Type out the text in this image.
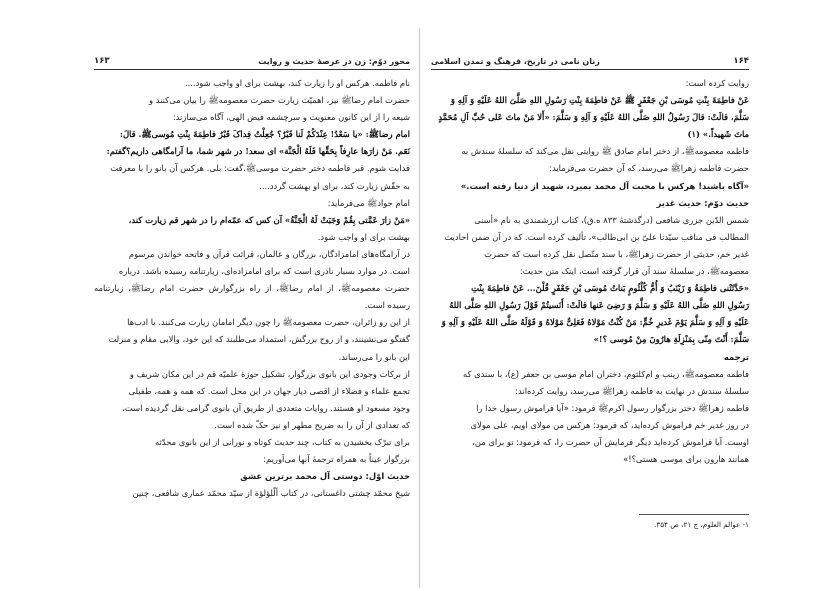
محور دوّم: زن در عرصهٔ حدیث و روایت
۱۶۳

نام فاطمه. هرکس او را زیارت کند، بهشت برای او واجب شود....

حضرت امام رضاﷺ نیز، اهمیّت زیارت حضرت معصومهﷺ را بیان می‌کنند و

شیعه را از این کانون معنویت و سرچشمه فیض الهی، آگاه می‌سازند:

امام رضاﷺ: «یا سَعْدُ! عِنْدَکُمْ لَنا قَبْرٌ؟ جُعِلْتُ فِداکَ قَبْرُ فاطِمَةَ بِنْتِ مُوسیﷺ. قالَ:

نَعَم. مَنْ زارَها عارِفاً بِحَقِّها فَلَهُ الْجَنَّة» ای سعد! در شهر شما، ما آرامگاهی داریم؟گفتم:

فدایت شوم. قبر فاطمه دختر حضرت موسیﷺ.گفت: بلی. هرکس آن بانو را با معرفت

به حقّش زیارت کند، برای او بهشت گردد....

امام جوادﷺ می‌فرماید:

«مَنْ زارَ عَمَّتی بِقُمْ وَجَبَتْ لَهُ الْجَنَّةُ» آن کس که عمّه‌ام را در شهر قم زیارت کند،

بهشت برای او واجب شود.

در آرامگاه‌های امامزادگان، بزرگان و عالمان، قرائت قرآن و فاتحه خواندن مرسوم

است. در موارد بسیار نادری است که برای امامزاده‌ای، زیارتنامه رسیده باشد. درباره

حضرت معصومهﷺ، از امام رضاﷺ، از راه بزرگوارش حضرت امام رضاﷺ، زیارتنامه رسیده است.

از این رو زائران، حضرت معصومهﷺ را چون دیگر امامان زیارت می‌کنند. با ادب‌ها

گفتگو می‌نشینند، و از روح بزرگش، استمداد می‌طلبند که این خود، والایی مقام و منزلت

این بانو را می‌رساند.

از برکات وجودی این بانوی بزرگوار، تشکیل حوزهٔ علمیّه قم در این مکان شریف و

تجمع علماء و فضلاء از اقصی دیار جهان در این محل است. که همه و همه، طفیلی

وجود مسعود او هستند. روایات متعددی از طریق آن بانوی گرامی نقل گردیده است،

که تعدادی از آن را به ضریح مطهر او نیز حکّ شده است.

برای تبرّک بخشیدن به کتاب، چند حدیث کوتاه و نورانی از این بانوی محدّثه

بزرگوار عیناً به همراه ترجمهٔ آنها می‌آوریم:

حدیث اوّل: دوستی آل محمد برترین عشق

شیخ محمّد چشتی داغستانی، در کتاب ألّلؤلؤة از سیّد محمّد عماری شافعی، چنین

۱۶۴
زنان نامی در تاریخ، فرهنگ و تمدن اسلامی

روایت کرده است:

عَنْ فاطِمَةَ بِنْتِ مُوسَی بْنِ جَعْفَرٍ ﷺ عَنْ فاطِمَةَ بِنْتِ رَسُولِ اللهِ صَلَّیَ اللهُ عَلَیْهِ وَ آلِهِ وَ

سَلَّمَ، قالَتْ: قالَ رَسُولُ اللهِ صَلَّی اللهُ عَلَیْهِ وَ آلِهِ وَ سَلَّمَ: «أَلا مَنْ ماتَ عَلی حُبِّ آلِ مُحَمَّدٍ

ماتَ شَهیداً.» (۱)

فاطمه معصومهﷺ، از دختر امام صادق ﷺ روایتی نقل می‌کند که سلسلهٔ سندش به

حضرت فاطمه زهراﷺ می‌رسد، که آن حضرت می‌فرماید:

«آگاه باشید! هرکس با محبت آل محمد بمیرد، شهید از دنیا رفته است.»

حدیث دوّم: حدیث غدیر

شمس الدّین جزری شافعی (درگذشتهٔ ۸۳۳ ه.ق)، کتاب ارزشمندی به نام «أسنی

المطالب فی مناقب سیّدنا علیّ بن ابی‌طالب»، تألیف کرده است. که در آن ضمن احادیث

غدیر خم، حدیثی از حضرت زهراﷺ، با سند متّصل نقل کرده است که حضرت

معصومهﷺ، در سلسلهٔ سند آن قرار گرفته است، اینک متن حدیث:

«حَدَّثَتْنی فاطِمَةُ وَ زَیْنَبُ وَ أُمُّ کُلْثُومٍ بَناتُ مُوسَی بْنِ جَعْفَرٍ قُلْنَ... عَنْ فاطِمَةَ بِنْتِ

رَسُولِ اللهِ صَلَّی اللهُ عَلَیْهِ وَ سَلَّمَ وَ رَضِیَ عَنها قالَتْ: أَنَسیتُمْ قَوْلَ رَسُولِ اللهِ صَلَّی اللهُ

عَلَیْهِ وَ آلِهِ وَ سَلَّمَ یَوْمَ غَدیرِ خُمٍّ: مَنْ کُنْتُ مَوْلاهُ فَعَلِیٌّ مَوْلاهُ وَ قَوْلَهُ صَلَّی اللهُ عَلَیْهِ وَ آلِهِ وَ

سَلَّمَ: أَنْتَ مِنّی بِمَنْزِلَةِ هارُونَ مِنْ مُوسی ؟!»

ترجمه

فاطمه معصومهﷺ، زینب و ام‌کلثوم، دختران امام موسی بن جعفر (ع)، با سندی که

سلسلهٔ سندش در نهایت به فاطمه زهراﷺ می‌رسد، روایت کرده‌اند:

فاطمه زهراﷺ دختر بزرگوار رسول اکرمﷺ فرمود: «آیا فراموش رسول خدا را

در روز غدیر خم فراموش کرده‌اید، که فرمود: هرکس من مولای اویم، علی مولای

اوست. آیا فراموش کرده‌اید دیگر فرمایش آن حضرت را، که فرمود: تو برای من،

همانند هارون برای موسی هستی؟!»

۱- عوالم العلوم، ج ۲۱، ص ۳۵۴.
